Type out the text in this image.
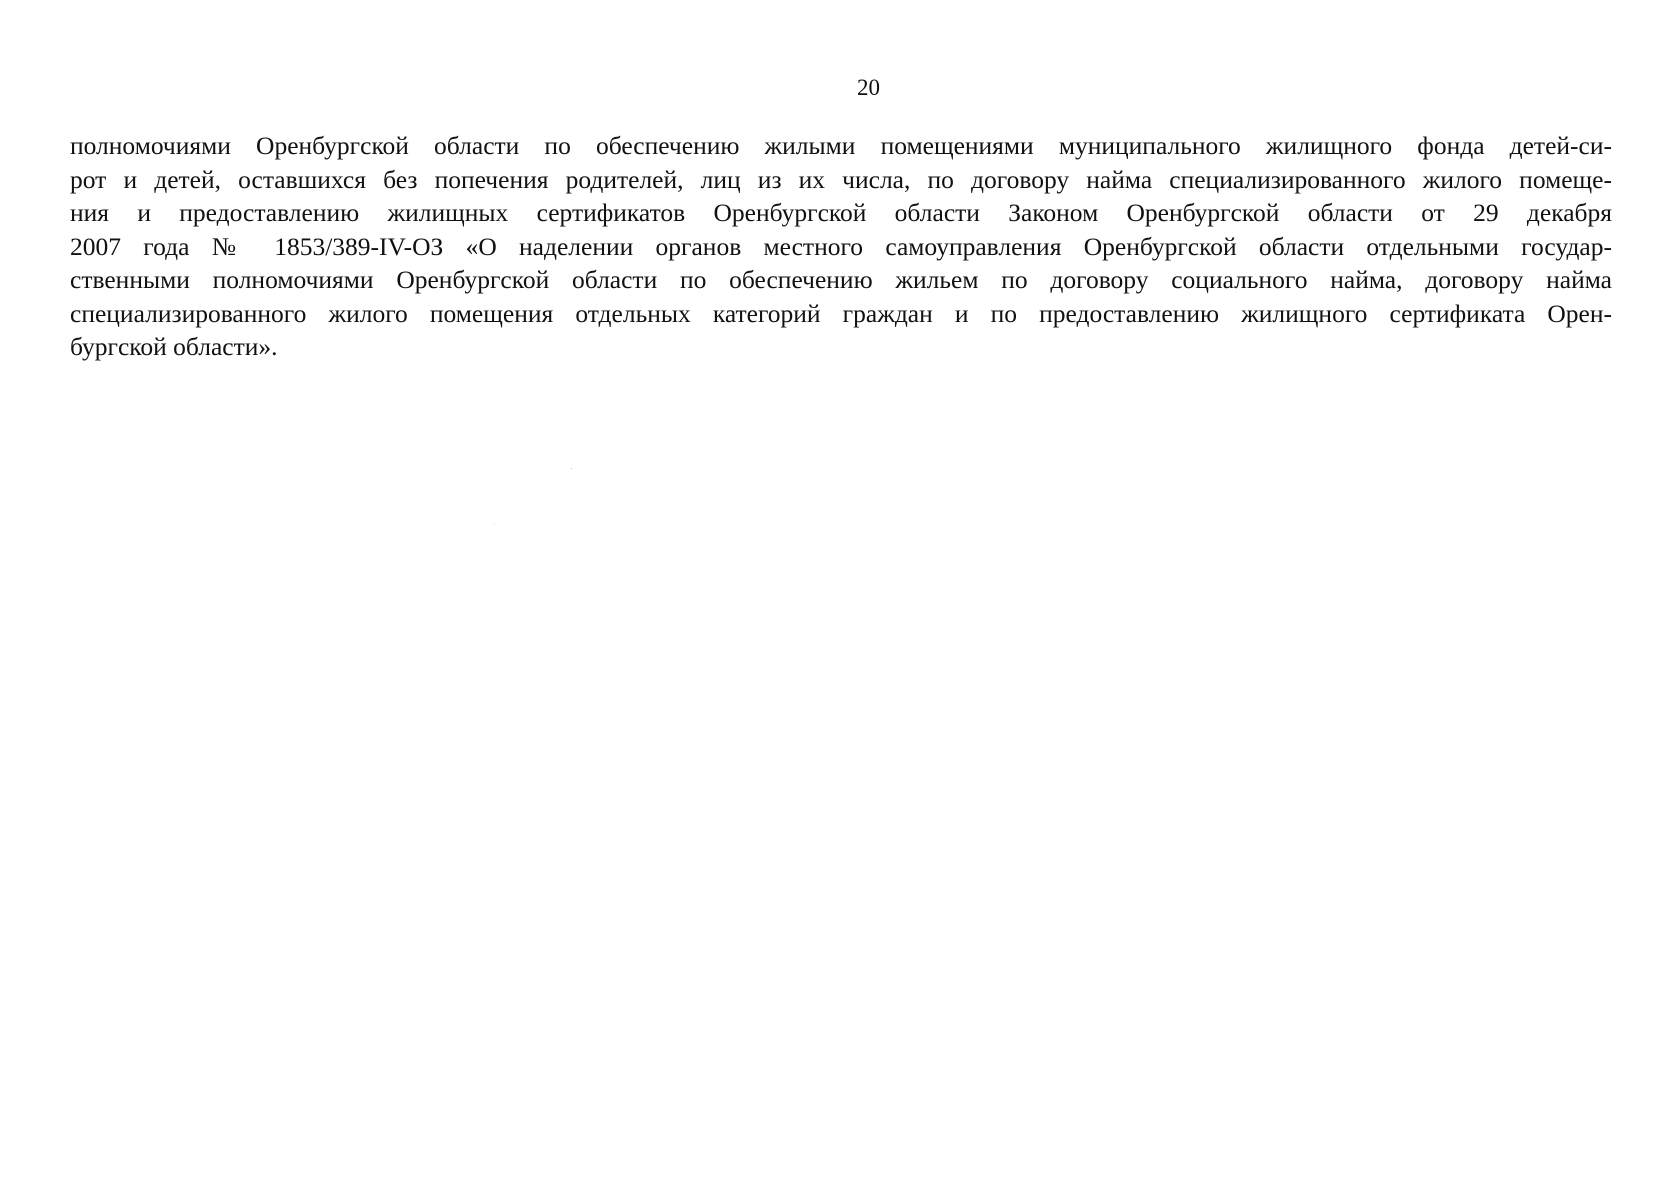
20
полномочиями Оренбургской области по обеспечению жилыми помещениями муниципального жилищного фонда детей-си-
рот и детей, оставшихся без попечения родителей, лиц из их числа, по договору найма специализированного жилого помеще-
ния и предоставлению жилищных сертификатов Оренбургской области Законом Оренбургской области от 29 декабря
2007 года № 1853/389-IV-ОЗ «О наделении органов местного самоуправления Оренбургской области отдельными государ-
ственными полномочиями Оренбургской области по обеспечению жильем по договору социального найма, договору найма
специализированного жилого помещения отдельных категорий граждан и по предоставлению жилищного сертификата Орен-
бургской области».
